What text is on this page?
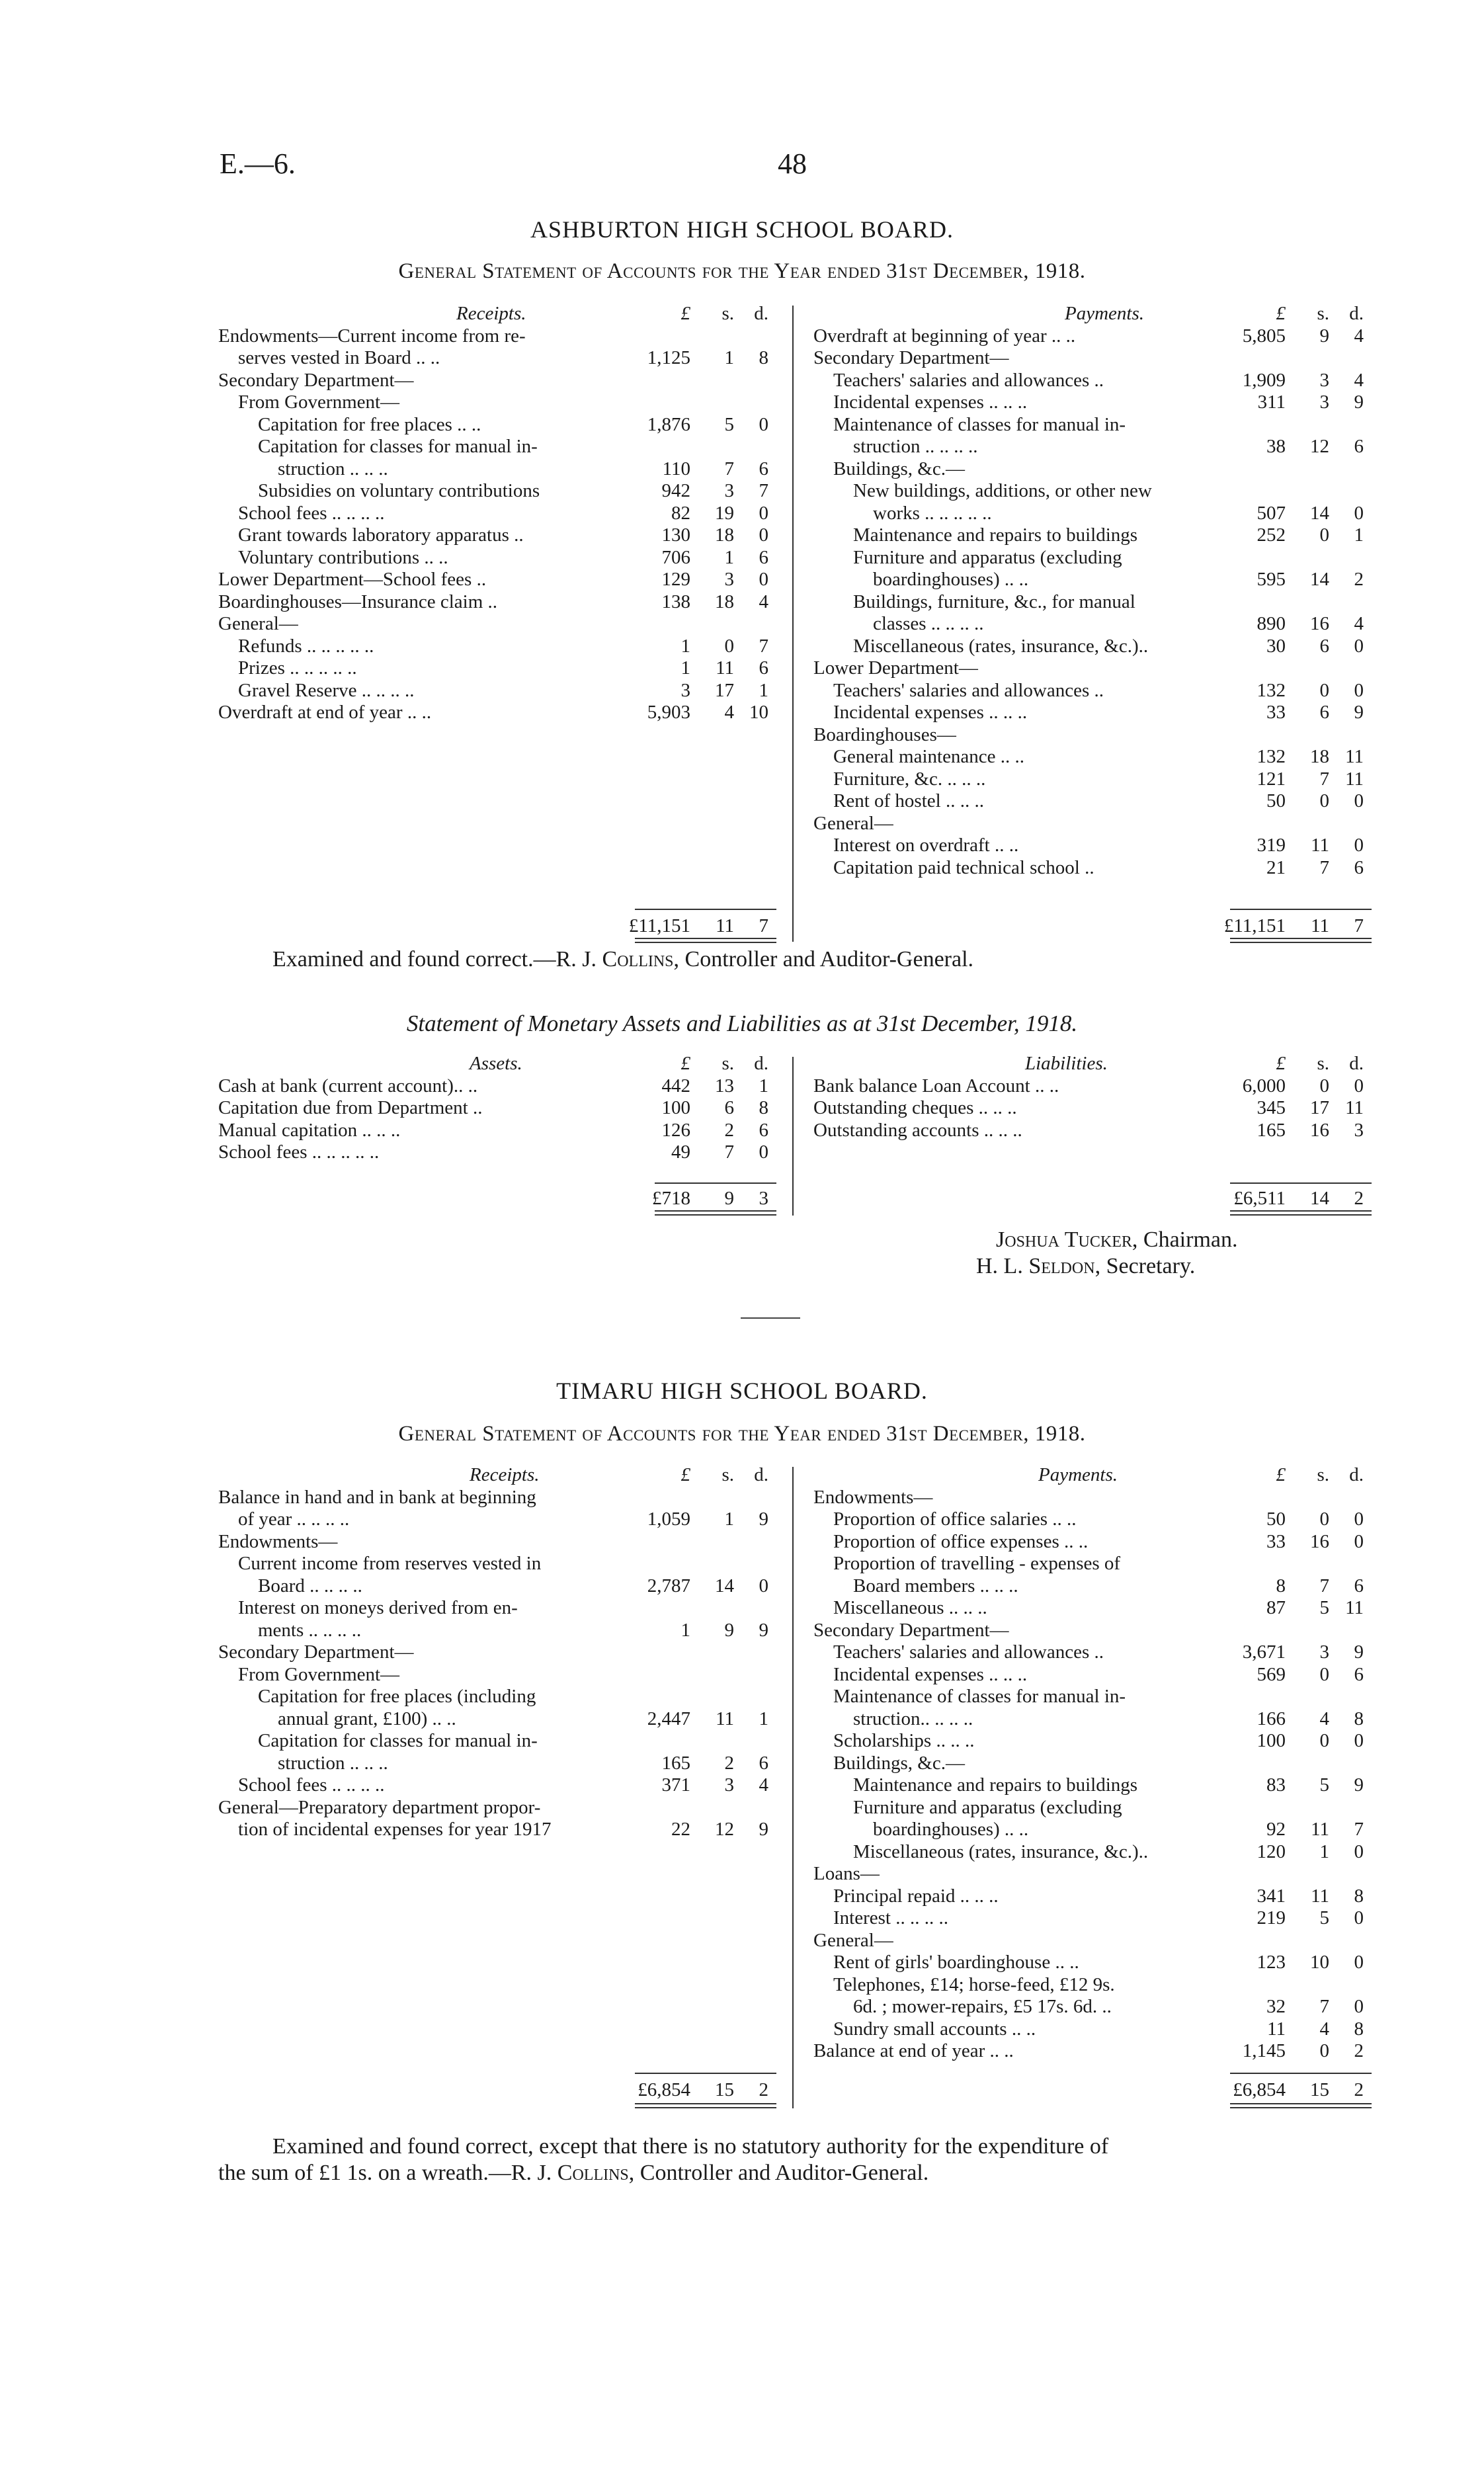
E.—6.	48
ASHBURTON HIGH SCHOOL BOARD.
General Statement of Accounts for the Year ended 31st December, 1918.
Receipts.	£ s. d.
Endowments—Current income from re-
serves vested in Board .. ..	1,125 1 8
Secondary Department—
From Government—
Capitation for free places .. ..	1,876 5 0
Capitation for classes for manual in-
struction .. .. ..	110 7 6
Subsidies on voluntary contributions	942 3 7
School fees .. .. .. ..	82 19 0
Grant towards laboratory apparatus ..	130 18 0
Voluntary contributions .. ..	706 1 6
Lower Department—School fees ..	129 3 0
Boardinghouses—Insurance claim ..	138 18 4
General—
Refunds .. .. .. .. ..	1 0 7
Prizes .. .. .. .. ..	1 11 6
Gravel Reserve .. .. .. ..	3 17 1
Overdraft at end of year .. ..	5,903 4 10
£11,151 11 7
Payments.	£ s. d.
Overdraft at beginning of year .. ..	5,805 9 4
Secondary Department—
Teachers' salaries and allowances ..	1,909 3 4
Incidental expenses .. .. ..	311 3 9
Maintenance of classes for manual in-
struction .. .. .. ..	38 12 6
Buildings, &c.—
New buildings, additions, or other new
works .. .. .. .. ..	507 14 0
Maintenance and repairs to buildings	252 0 1
Furniture and apparatus (excluding
boardinghouses) .. ..	595 14 2
Buildings, furniture, &c., for manual
classes .. .. .. ..	890 16 4
Miscellaneous (rates, insurance, &c.)..	30 6 0
Lower Department—
Teachers' salaries and allowances ..	132 0 0
Incidental expenses .. .. ..	33 6 9
Boardinghouses—
General maintenance .. ..	132 18 11
Furniture, &c. .. .. ..	121 7 11
Rent of hostel .. .. ..	50 0 0
General—
Interest on overdraft .. ..	319 11 0
Capitation paid technical school ..	21 7 6
£11,151 11 7
Examined and found correct.—R. J. Collins, Controller and Auditor-General.
Statement of Monetary Assets and Liabilities as at 31st December, 1918.
Assets.	£ s. d.
Cash at bank (current account).. ..	442 13 1
Capitation due from Department ..	100 6 8
Manual capitation .. .. ..	126 2 6
School fees .. .. .. .. ..	49 7 0
£718 9 3
Liabilities.	£ s. d.
Bank balance Loan Account .. ..	6,000 0 0
Outstanding cheques .. .. ..	345 17 11
Outstanding accounts .. .. ..	165 16 3
£6,511 14 2
Joshua Tucker, Chairman.
H. L. Seldon, Secretary.
TIMARU HIGH SCHOOL BOARD.
General Statement of Accounts for the Year ended 31st December, 1918.
Receipts.	£ s. d.
Balance in hand and in bank at beginning
of year .. .. .. ..	1,059 1 9
Endowments—
Current income from reserves vested in
Board .. .. .. ..	2,787 14 0
Interest on moneys derived from en-
ments .. .. .. ..	1 9 9
Secondary Department—
From Government—
Capitation for free places (including
annual grant, £100) .. ..	2,447 11 1
Capitation for classes for manual in-
struction .. .. ..	165 2 6
School fees .. .. .. ..	371 3 4
General—Preparatory department propor-
tion of incidental expenses for year 1917	22 12 9
£6,854 15 2
Payments.	£ s. d.
Endowments—
Proportion of office salaries .. ..	50 0 0
Proportion of office expenses .. ..	33 16 0
Proportion of travelling - expenses of
Board members .. .. ..	8 7 6
Miscellaneous .. .. ..	87 5 11
Secondary Department—
Teachers' salaries and allowances ..	3,671 3 9
Incidental expenses .. .. ..	569 0 6
Maintenance of classes for manual in-
struction.. .. .. ..	166 4 8
Scholarships .. .. ..	100 0 0
Buildings, &c.—
Maintenance and repairs to buildings	83 5 9
Furniture and apparatus (excluding
boardinghouses) .. ..	92 11 7
Miscellaneous (rates, insurance, &c.)..	120 1 0
Loans—
Principal repaid .. .. ..	341 11 8
Interest .. .. .. ..	219 5 0
General—
Rent of girls' boardinghouse .. ..	123 10 0
Telephones, £14; horse-feed, £12 9s.
6d. ; mower-repairs, £5 17s. 6d. ..	32 7 0
Sundry small accounts .. ..	11 4 8
Balance at end of year .. ..	1,145 0 2
£6,854 15 2
Examined and found correct, except that there is no statutory authority for the expenditure of
the sum of £1 1s. on a wreath.—R. J. Collins, Controller and Auditor-General.
